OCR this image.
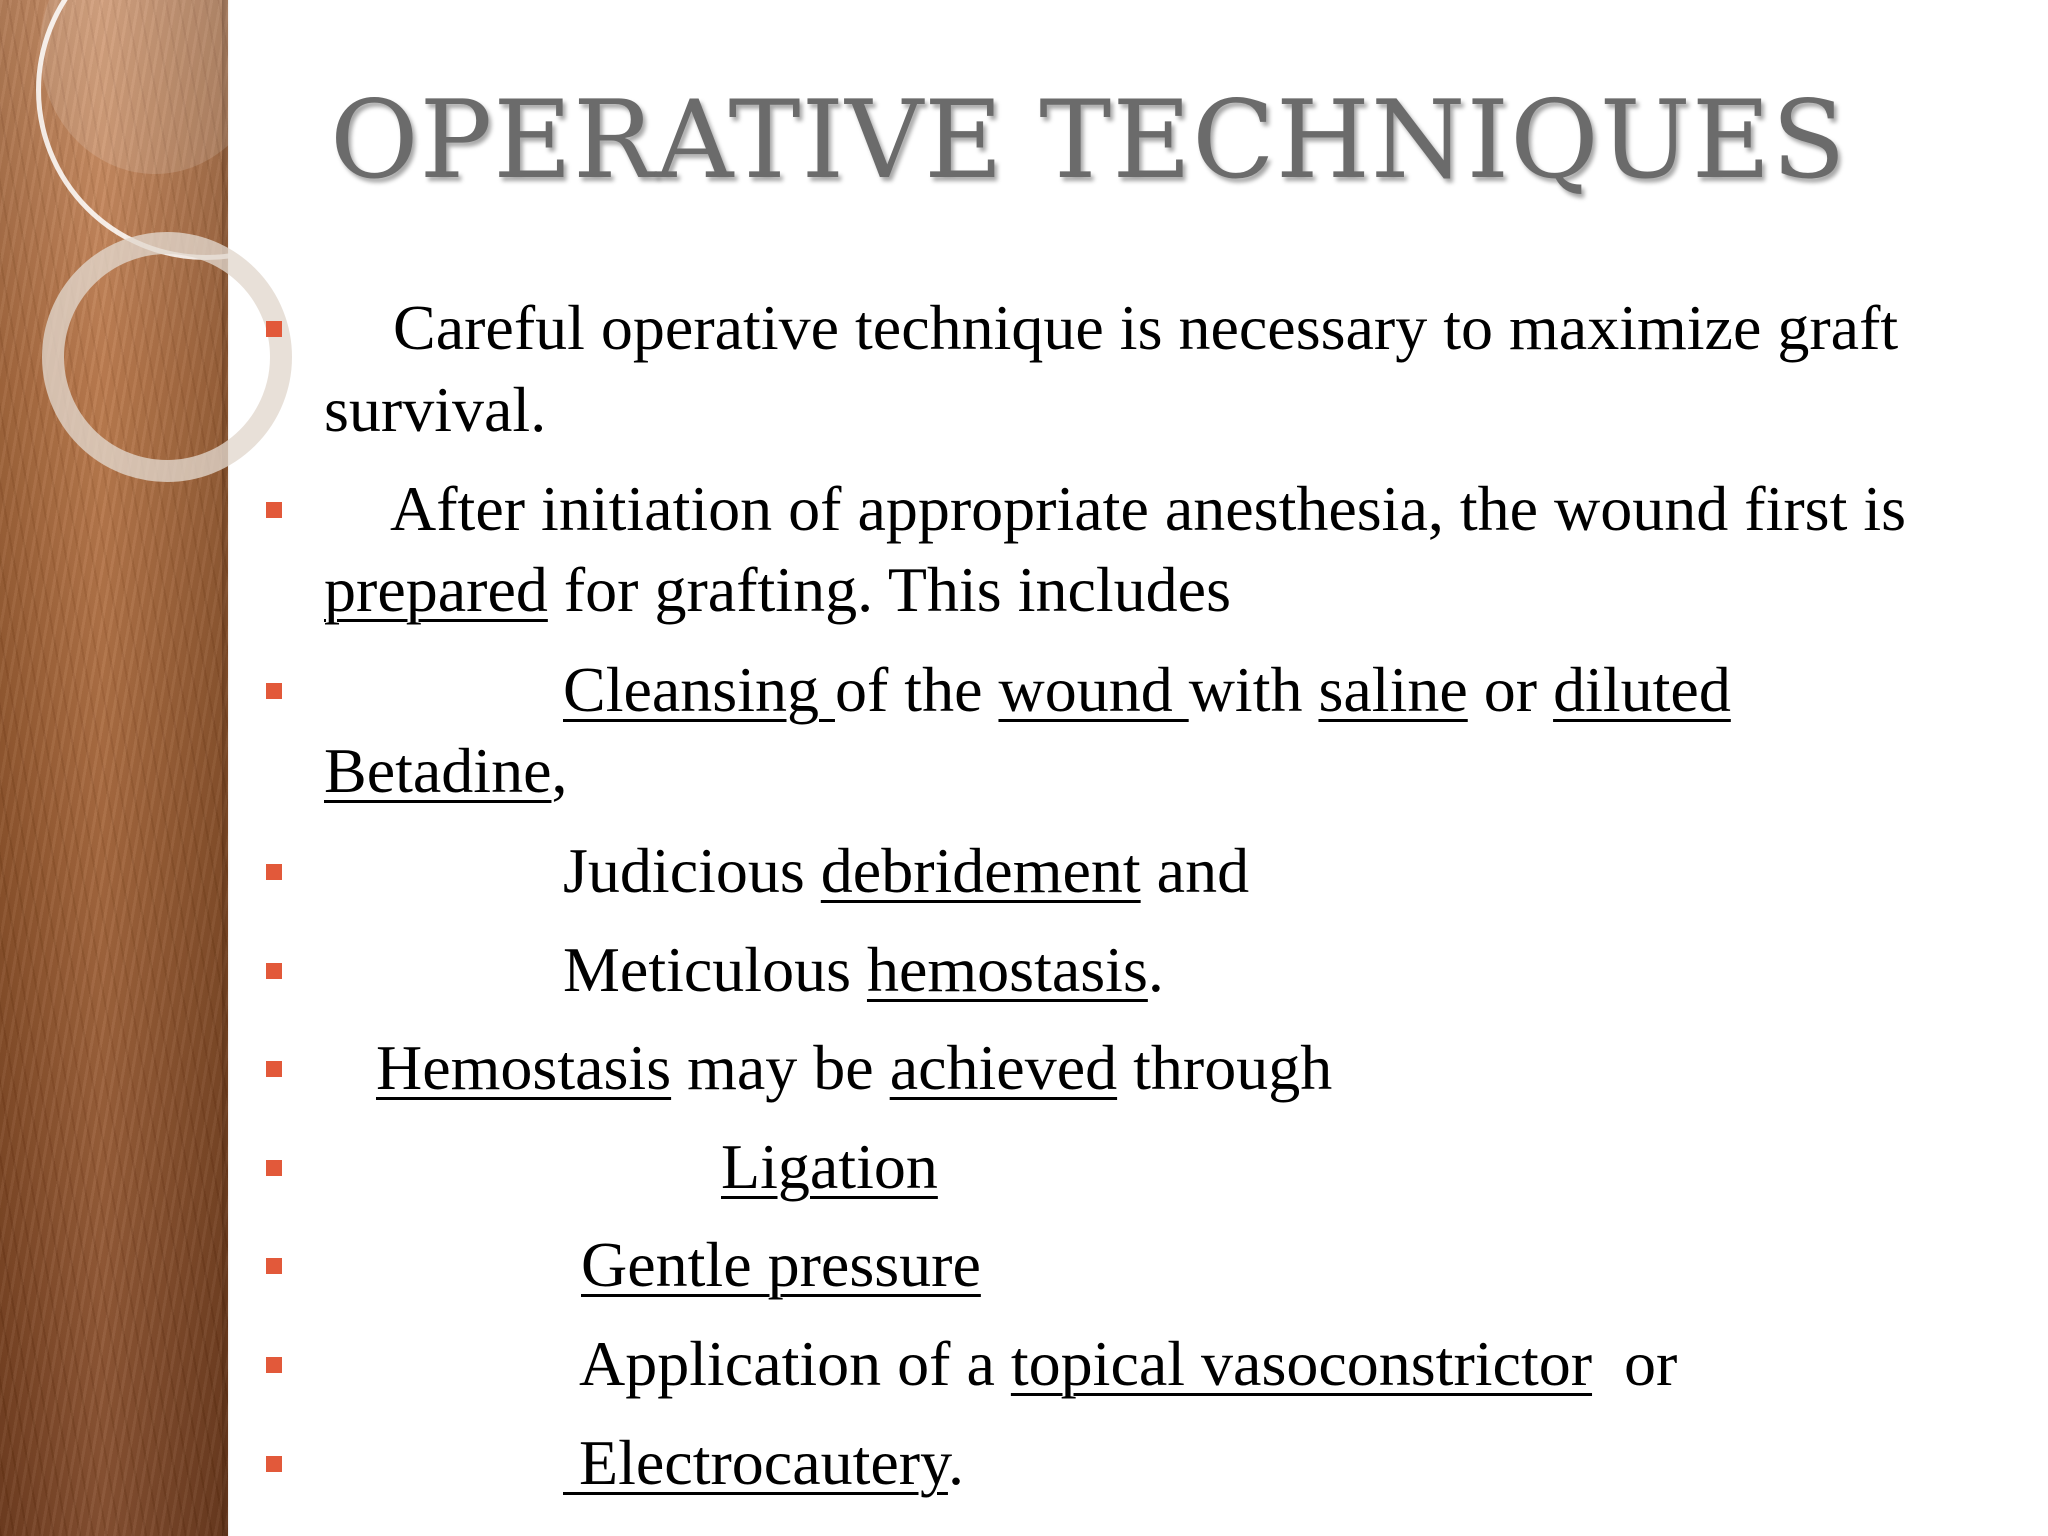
OPERATIVE TECHNIQUES

Careful operative technique is necessary to maximize graft

survival.

After initiation of appropriate anesthesia, the wound first is

prepared for grafting. This includes

Cleansing of the wound with saline or diluted

Betadine,

Judicious debridement and

Meticulous hemostasis.

Hemostasis may be achieved through

Ligation

Gentle pressure

Application of a topical vasoconstrictor  or

Electrocautery.
